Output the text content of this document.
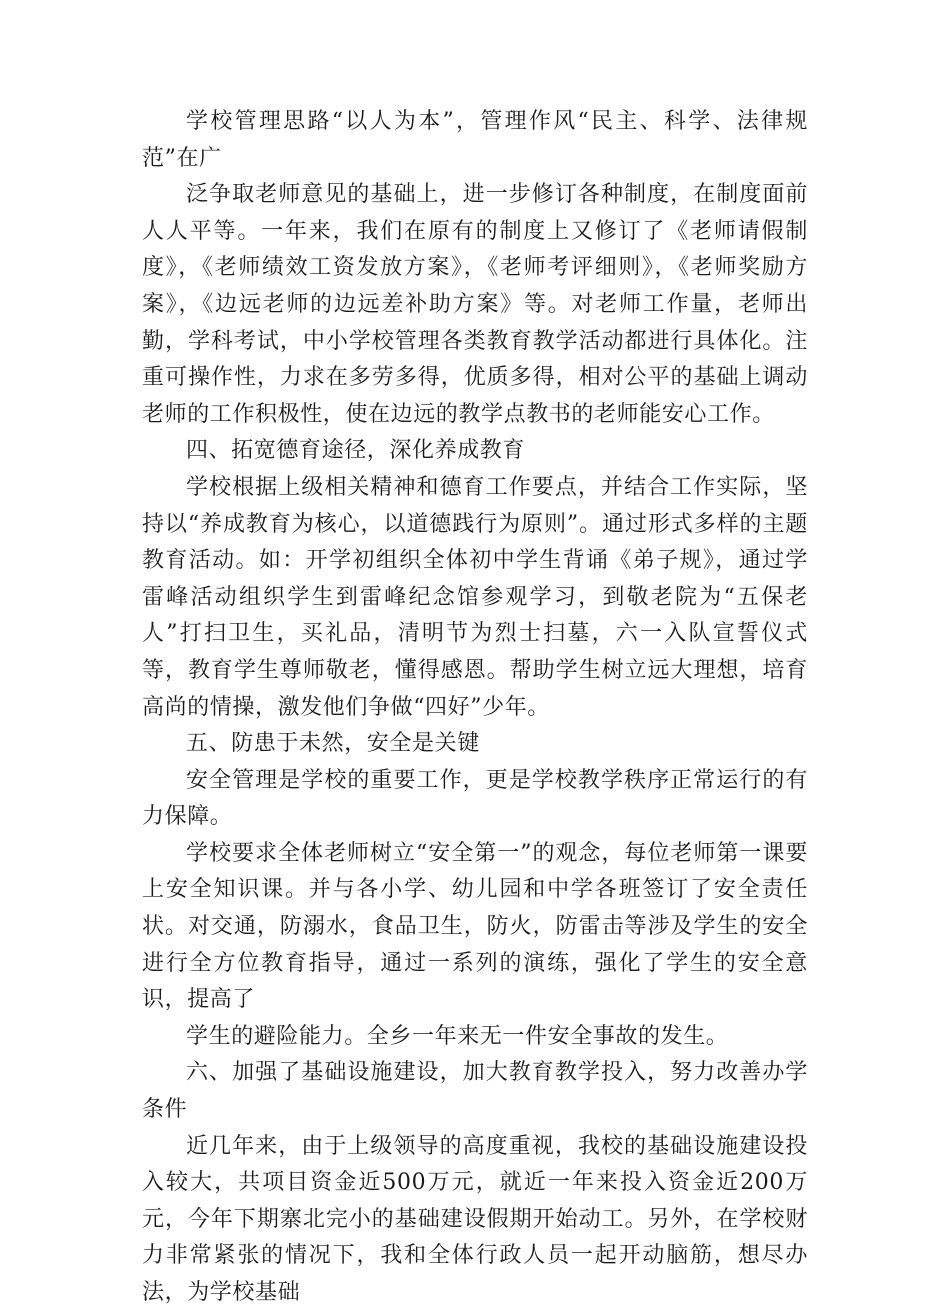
学校管理思路“以人为本”，管理作风“民主、科学、法律规范”在广

泛争取老师意见的基础上，进一步修订各种制度，在制度面前人人平等。一年来，我们在原有的制度上又修订了《老师请假制度》，《老师绩效工资发放方案》，《老师考评细则》，《老师奖励方案》，《边远老师的边远差补助方案》等。对老师工作量，老师出勤，学科考试，中小学校管理各类教育教学活动都进行具体化。注重可操作性，力求在多劳多得，优质多得，相对公平的基础上调动老师的工作积极性，使在边远的教学点教书的老师能安心工作。

四、拓宽德育途径，深化养成教育

学校根据上级相关精神和德育工作要点，并结合工作实际，坚持以“养成教育为核心，以道德践行为原则”。通过形式多样的主题教育活动。如：开学初组织全体初中学生背诵《弟子规》，通过学雷峰活动组织学生到雷峰纪念馆参观学习，到敬老院为“五保老人”打扫卫生，买礼品，清明节为烈士扫墓，六一入队宣誓仪式等，教育学生尊师敬老，懂得感恩。帮助学生树立远大理想，培育高尚的情操，激发他们争做“四好”少年。

五、防患于未然，安全是关键

安全管理是学校的重要工作，更是学校教学秩序正常运行的有力保障。

学校要求全体老师树立“安全第一”的观念，每位老师第一课要上安全知识课。并与各小学、幼儿园和中学各班签订了安全责任状。对交通，防溺水，食品卫生，防火，防雷击等涉及学生的安全进行全方位教育指导，通过一系列的演练，强化了学生的安全意识，提高了

学生的避险能力。全乡一年来无一件安全事故的发生。

六、加强了基础设施建设，加大教育教学投入，努力改善办学条件

近几年来，由于上级领导的高度重视，我校的基础设施建设投入较大，共项目资金近500万元，就近一年来投入资金近200万元，今年下期寨北完小的基础建设假期开始动工。另外，在学校财力非常紧张的情况下，我和全体行政人员一起开动脑筋，想尽办法，为学校基础
